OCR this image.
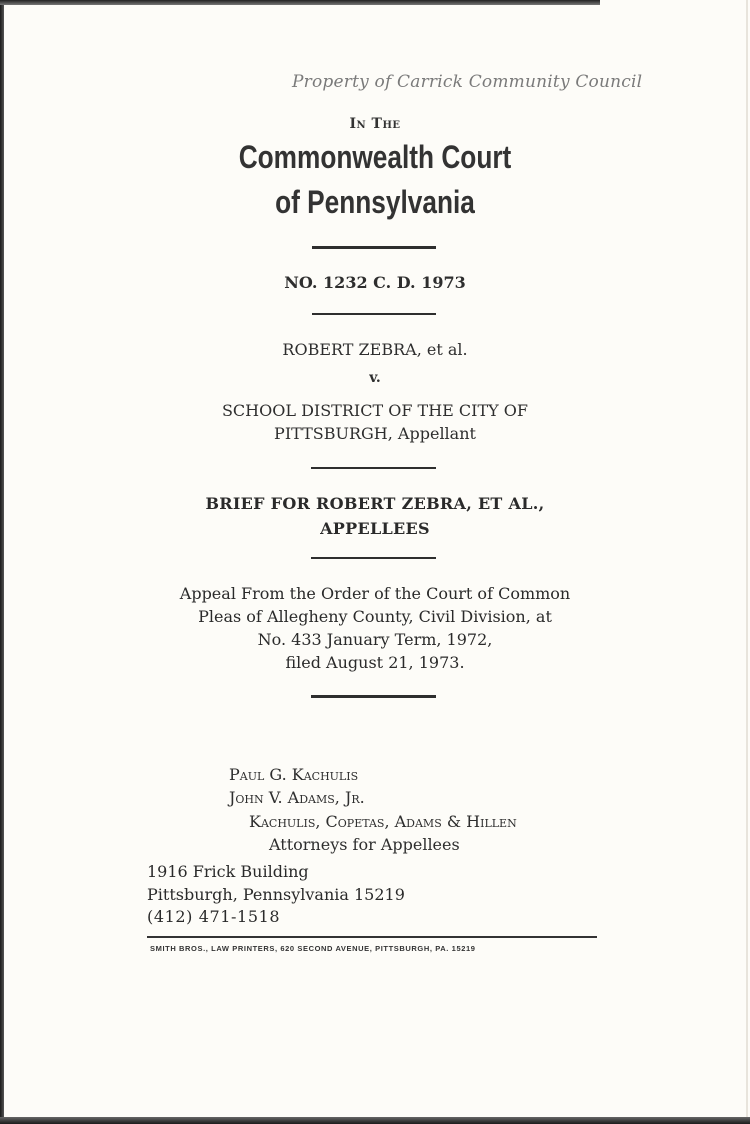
Property of Carrick Community Council
In The
Commonwealth Court
of Pennsylvania
NO. 1232 C. D. 1973
ROBERT ZEBRA, et al.
v.
SCHOOL DISTRICT OF THE CITY OF
PITTSBURGH, Appellant
BRIEF FOR ROBERT ZEBRA, ET AL.,
APPELLEES
Appeal From the Order of the Court of Common
Pleas of Allegheny County, Civil Division, at
No. 433 January Term, 1972,
filed August 21, 1973.
Paul G. Kachulis
John V. Adams, Jr.
Kachulis, Copetas, Adams & Hillen
Attorneys for Appellees
1916 Frick Building
Pittsburgh, Pennsylvania 15219
(412) 471-1518
SMITH BROS., LAW PRINTERS, 620 SECOND AVENUE, PITTSBURGH, PA. 15219
